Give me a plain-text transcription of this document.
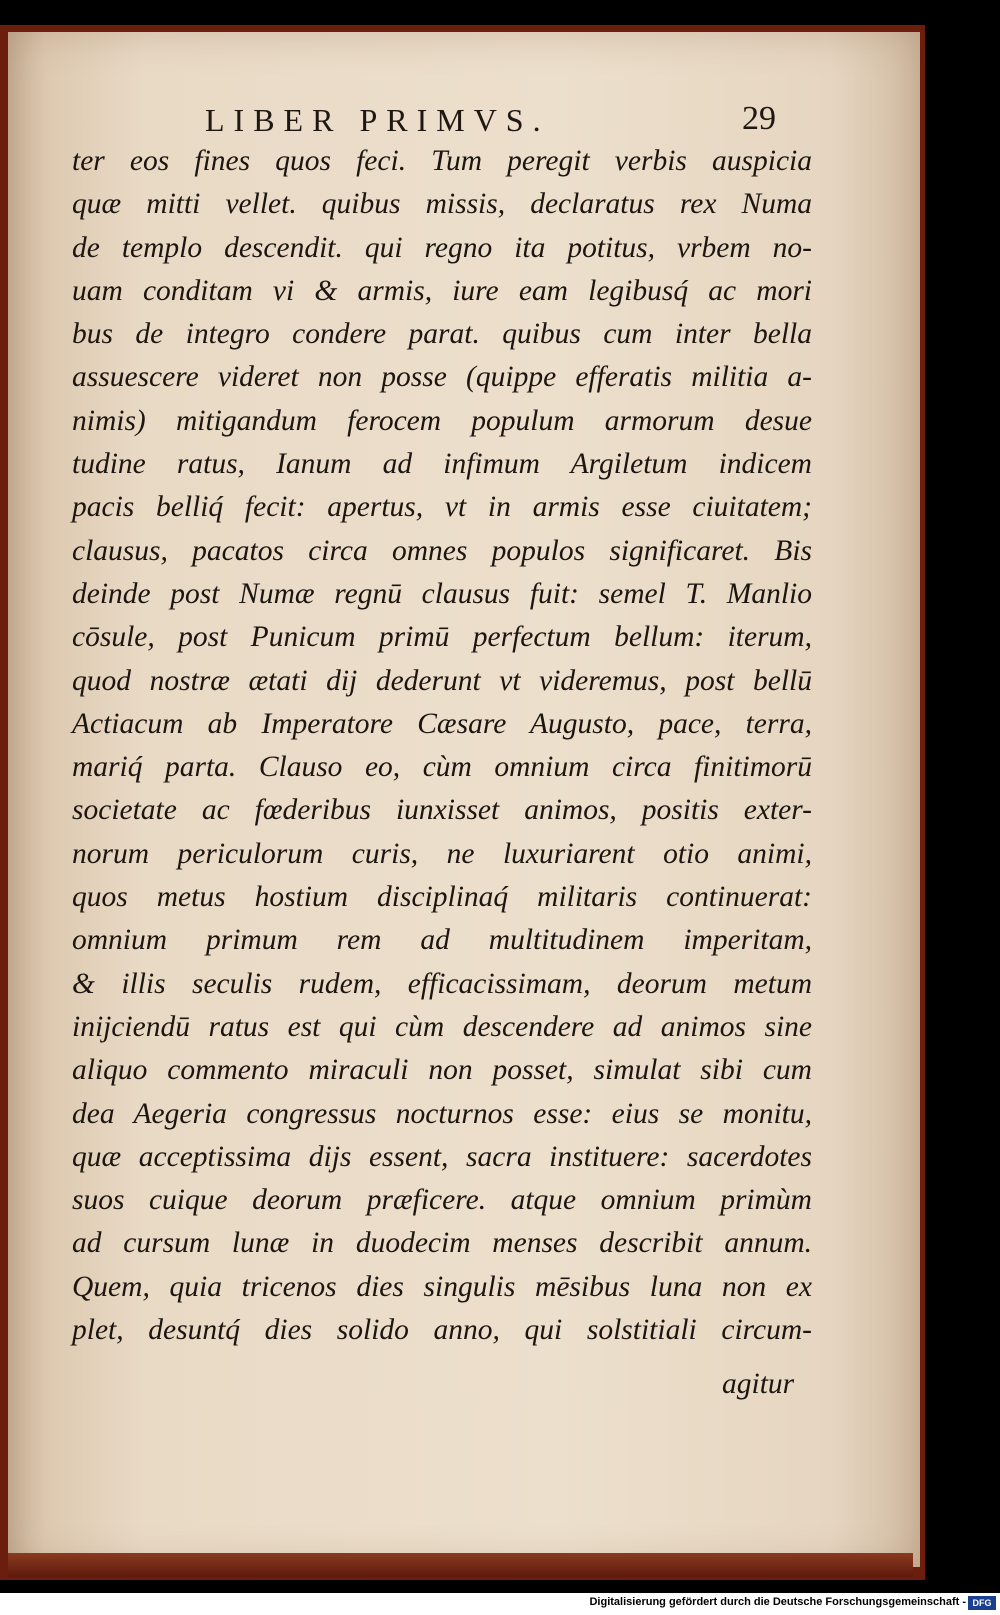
LIBER PRIMVS.	29
ter eos fines quos feci. Tum peregit verbis auspicia
quæ mitti vellet. quibus missis, declaratus rex Numa
de templo descendit. qui regno ita potitus, vrbem no-
uam conditam vi & armis, iure eam legibusq́ ac mori
bus de integro condere parat. quibus cum inter bella
assuescere videret non posse (quippe efferatis militia a-
nimis) mitigandum ferocem populum armorum desue
tudine ratus, Ianum ad infimum Argiletum indicem
pacis belliq́ fecit: apertus, vt in armis esse ciuitatem;
clausus, pacatos circa omnes populos significaret. Bis
deinde post Numæ regnū clausus fuit: semel T. Manlio
cōsule, post Punicum primū perfectum bellum: iterum,
quod nostræ ætati dij dederunt vt videremus, post bellū
Actiacum ab Imperatore Cæsare Augusto, pace, terra,
mariq́ parta. Clauso eo, cùm omnium circa finitimorū
societate ac fœderibus iunxisset animos, positis exter-
norum periculorum curis, ne luxuriarent otio animi,
quos metus hostium disciplinaq́ militaris continuerat:
omnium primum rem ad multitudinem imperitam,
& illis seculis rudem, efficacissimam, deorum metum
inijciendū ratus est qui cùm descendere ad animos sine
aliquo commento miraculi non posset, simulat sibi cum
dea Aegeria congressus nocturnos esse: eius se monitu,
quæ acceptissima dijs essent, sacra instituere: sacerdotes
suos cuique deorum præficere. atque omnium primùm
ad cursum lunæ in duodecim menses describit annum.
Quem, quia tricenos dies singulis mēsibus luna non ex
plet, desuntq́ dies solido anno, qui solstitiali circum-
agitur
Digitalisierung gefördert durch die Deutsche Forschungsgemeinschaft - DFG
